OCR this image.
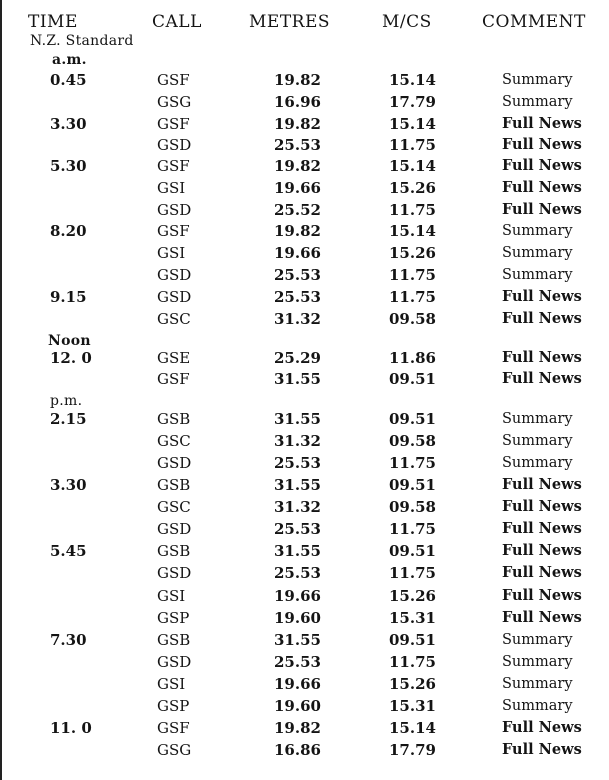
TIME	CALL	METRES	M/CS	COMMENT
N.Z. Standard
a.m.
Noon
p.m.
0.45	GSF	19.82	15.14	Summary
GSG	16.96	17.79	Summary
3.30	GSF	19.82	15.14	Full News
GSD	25.53	11.75	Full News
5.30	GSF	19.82	15.14	Full News
GSI	19.66	15.26	Full News
GSD	25.52	11.75	Full News
8.20	GSF	19.82	15.14	Summary
GSI	19.66	15.26	Summary
GSD	25.53	11.75	Summary
9.15	GSD	25.53	11.75	Full News
GSC	31.32	09.58	Full News
12. 0	GSE	25.29	11.86	Full News
GSF	31.55	09.51	Full News
2.15	GSB	31.55	09.51	Summary
GSC	31.32	09.58	Summary
GSD	25.53	11.75	Summary
3.30	GSB	31.55	09.51	Full News
GSC	31.32	09.58	Full News
GSD	25.53	11.75	Full News
5.45	GSB	31.55	09.51	Full News
GSD	25.53	11.75	Full News
GSI	19.66	15.26	Full News
GSP	19.60	15.31	Full News
7.30	GSB	31.55	09.51	Summary
GSD	25.53	11.75	Summary
GSI	19.66	15.26	Summary
GSP	19.60	15.31	Summary
11. 0	GSF	19.82	15.14	Full News
GSG	16.86	17.79	Full News
